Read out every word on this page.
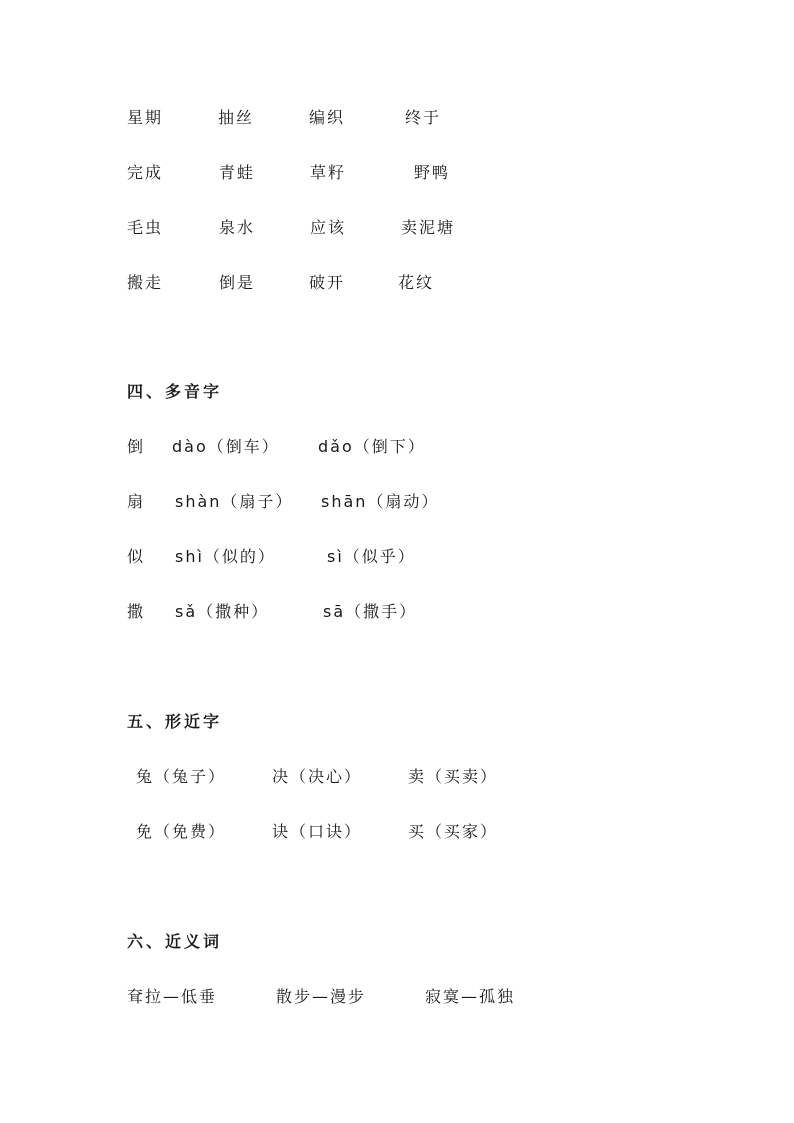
星期	抽丝	编织	终于
完成	青蛙	草籽	野鸭
毛虫	泉水	应该	卖泥塘
搬走	倒是	破开	花纹
四、多音字
倒 dào（倒车） dǎo（倒下）
扇 shàn（扇子） shān（扇动）
似 shì（似的）	sì（似乎）
撒 sǎ（撒种）	sā（撒手）
五、形近字
兔（兔子）	决（决心）	卖（买卖）
免（免费）	诀（口诀）	买（买家）
六、近义词
耷拉—低垂	散步—漫步	寂寞—孤独
